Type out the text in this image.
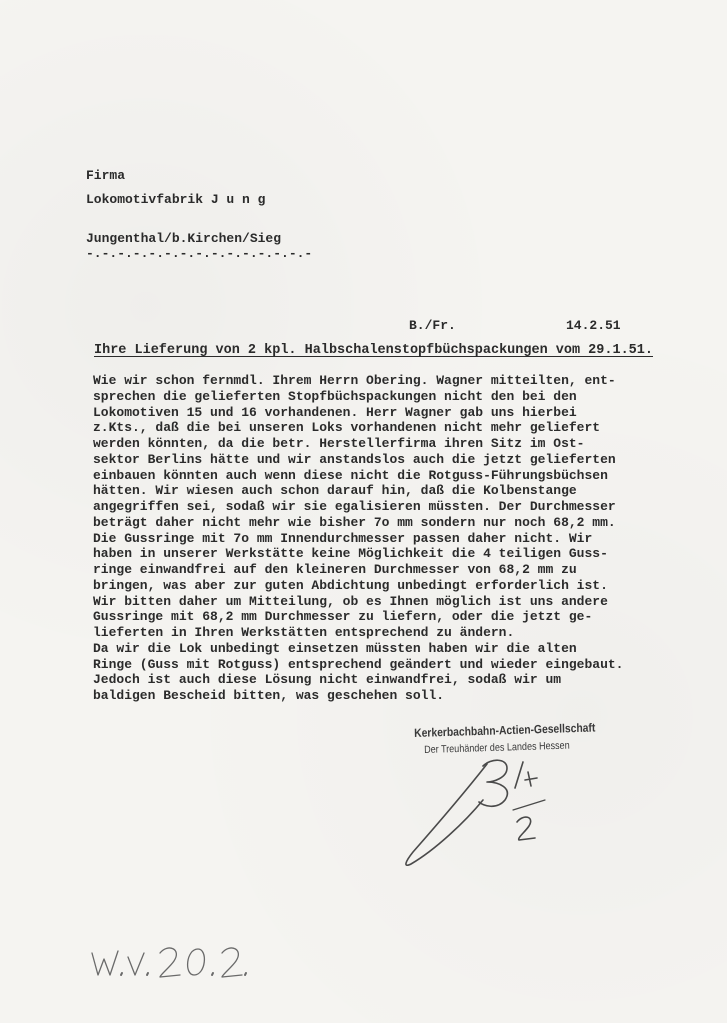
Firma
Lokomotivfabrik J u n g
Jungenthal/b.Kirchen/Sieg
-.-.-.-.-.-.-.-.-.-.-.-.-.-.-
B./Fr.	14.2.51
Ihre Lieferung von 2 kpl. Halbschalenstopfbüchspackungen vom 29.1.51.
Wie wir schon fernmdl. Ihrem Herrn Obering. Wagner mitteilten, ent-
sprechen die gelieferten Stopfbüchspackungen nicht den bei den
Lokomotiven 15 und 16 vorhandenen. Herr Wagner gab uns hierbei
z.Kts., daß die bei unseren Loks vorhandenen nicht mehr geliefert
werden könnten, da die betr. Herstellerfirma ihren Sitz im Ost-
sektor Berlins hätte und wir anstandslos auch die jetzt gelieferten
einbauen könnten auch wenn diese nicht die Rotguss-Führungsbüchsen
hätten. Wir wiesen auch schon darauf hin, daß die Kolbenstange
angegriffen sei, sodaß wir sie egalisieren müssten. Der Durchmesser
beträgt daher nicht mehr wie bisher 7o mm sondern nur noch 68,2 mm.
Die Gussringe mit 7o mm Innendurchmesser passen daher nicht. Wir
haben in unserer Werkstätte keine Möglichkeit die 4 teiligen Guss-
ringe einwandfrei auf den kleineren Durchmesser von 68,2 mm zu
bringen, was aber zur guten Abdichtung unbedingt erforderlich ist.
Wir bitten daher um Mitteilung, ob es Ihnen möglich ist uns andere
Gussringe mit 68,2 mm Durchmesser zu liefern, oder die jetzt ge-
lieferten in Ihren Werkstätten entsprechend zu ändern.
Da wir die Lok unbedingt einsetzen müssten haben wir die alten
Ringe (Guss mit Rotguss) entsprechend geändert und wieder eingebaut.
Jedoch ist auch diese Lösung nicht einwandfrei, sodaß wir um
baldigen Bescheid bitten, was geschehen soll.
Kerkerbachbahn-Actien-Gesellschaft
Der Treuhänder des Landes Hessen
